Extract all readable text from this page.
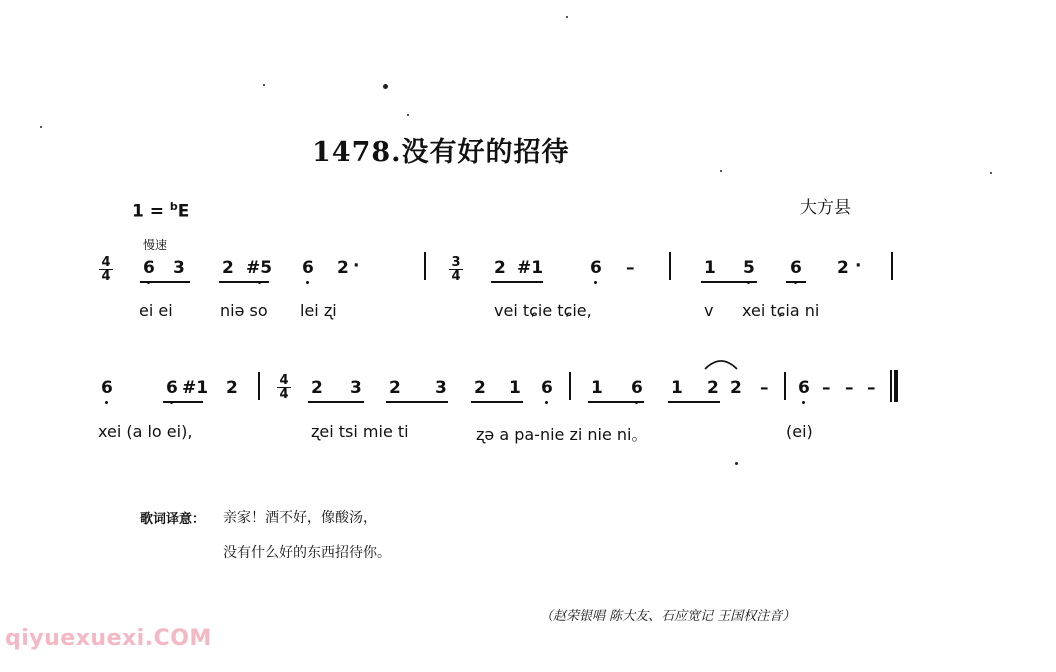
1478.没有好的招待
1 = $^b$E	大方县
慢速
4
4 6 3 2 #5 6 2 ·	3
4 2 #1	6 –	1 5 6 2 ·
ei ei	niə so lei ʐi	vei tɕie tɕie,	v xei tɕia ni
6	6 #1 2	4
4 2 3 2 3 2 1 6 1 6 1 2 2 – 6 – – –
xei (a lo ei),	ʐei tsi mie ti	ʐə a pa-nie zi nie ni。	(ei)
歌词译意： 亲家！酒不好，像酸汤，
没有什么好的东西招待你。
（赵荣银唱 陈大友、石应宽记 王国权注音）
qiyuexuexi.COM
